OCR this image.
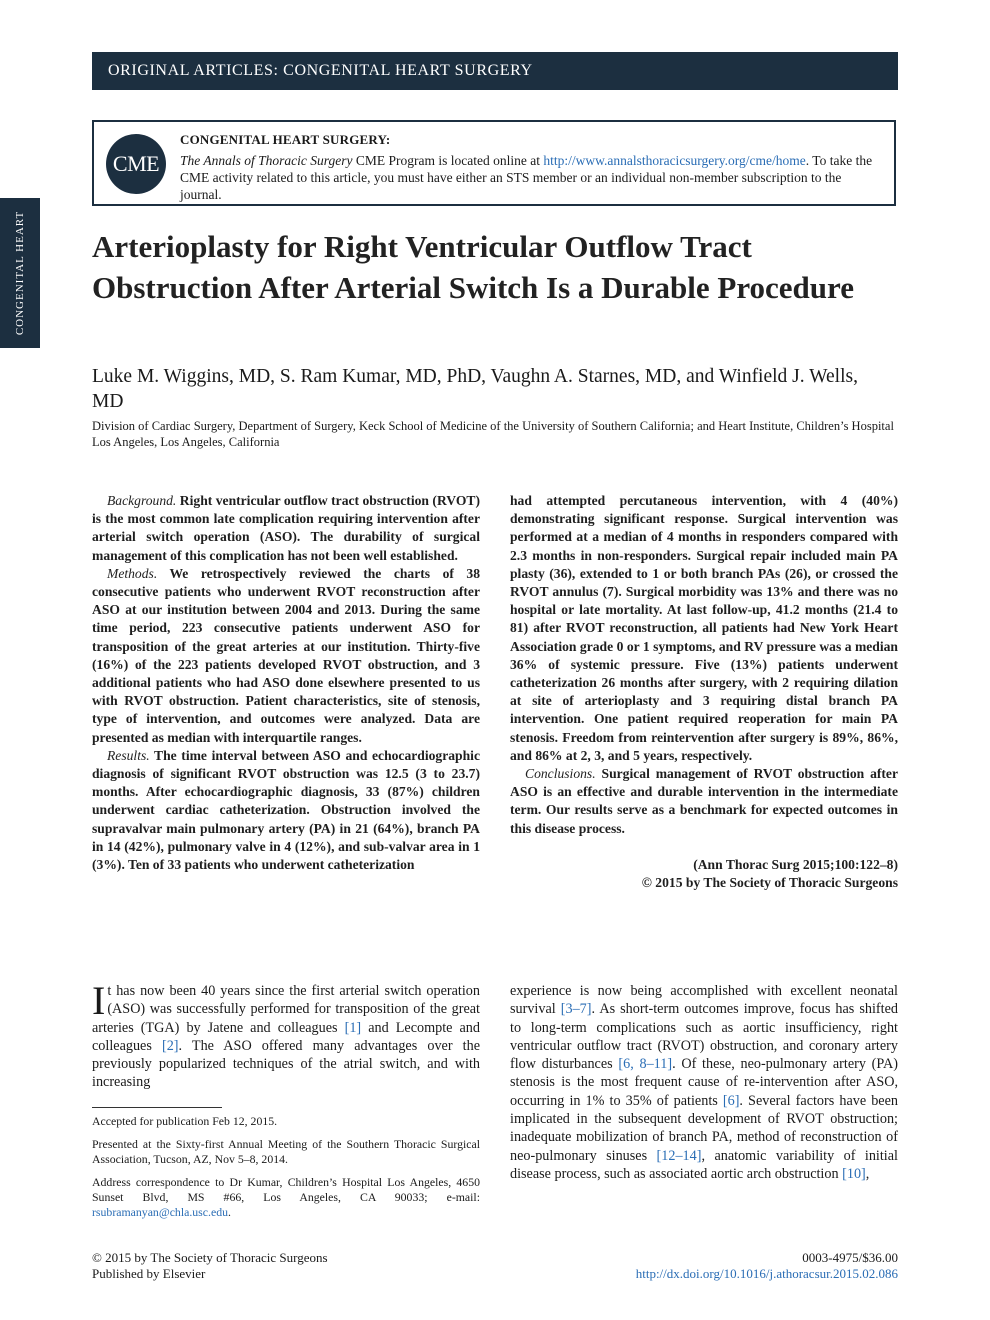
ORIGINAL ARTICLES: CONGENITAL HEART SURGERY
CONGENITAL HEART
CME
CONGENITAL HEART SURGERY:
The Annals of Thoracic Surgery CME Program is located online at http://www.annalsthoracicsurgery.org/cme/home. To take the CME activity related to this article, you must have either an STS member or an individual non-member subscription to the journal.
Arterioplasty for Right Ventricular Outflow Tract Obstruction After Arterial Switch Is a Durable Procedure
Luke M. Wiggins, MD, S. Ram Kumar, MD, PhD, Vaughn A. Starnes, MD, and Winfield J. Wells, MD
Division of Cardiac Surgery, Department of Surgery, Keck School of Medicine of the University of Southern California; and Heart Institute, Children’s Hospital Los Angeles, Los Angeles, California

Background. Right ventricular outflow tract obstruction (RVOT) is the most common late complication requiring intervention after arterial switch operation (ASO). The durability of surgical management of this complication has not been well established.

Methods. We retrospectively reviewed the charts of 38 consecutive patients who underwent RVOT reconstruction after ASO at our institution between 2004 and 2013. During the same time period, 223 consecutive patients underwent ASO for transposition of the great arteries at our institution. Thirty-five (16%) of the 223 patients developed RVOT obstruction, and 3 additional patients who had ASO done elsewhere presented to us with RVOT obstruction. Patient characteristics, site of stenosis, type of intervention, and outcomes were analyzed. Data are presented as median with interquartile ranges.

Results. The time interval between ASO and echocardiographic diagnosis of significant RVOT obstruction was 12.5 (3 to 23.7) months. After echocardiographic diagnosis, 33 (87%) children underwent cardiac catheterization. Obstruction involved the supravalvar main pulmonary artery (PA) in 21 (64%), branch PA in 14 (42%), pulmonary valve in 4 (12%), and sub-valvar area in 1 (3%). Ten of 33 patients who underwent catheterization

had attempted percutaneous intervention, with 4 (40%) demonstrating significant response. Surgical intervention was performed at a median of 4 months in responders compared with 2.3 months in non-responders. Surgical repair included main PA plasty (36), extended to 1 or both branch PAs (26), or crossed the RVOT annulus (7). Surgical morbidity was 13% and there was no hospital or late mortality. At last follow-up, 41.2 months (21.4 to 81) after RVOT reconstruction, all patients had New York Heart Association grade 0 or 1 symptoms, and RV pressure was a median 36% of systemic pressure. Five (13%) patients underwent catheterization 26 months after surgery, with 2 requiring dilation at site of arterioplasty and 3 requiring distal branch PA intervention. One patient required reoperation for main PA stenosis. Freedom from reintervention after surgery is 89%, 86%, and 86% at 2, 3, and 5 years, respectively.

Conclusions. Surgical management of RVOT obstruction after ASO is an effective and durable intervention in the intermediate term. Our results serve as a benchmark for expected outcomes in this disease process.

(Ann Thorac Surg 2015;100:122–8)

© 2015 by The Society of Thoracic Surgeons

It has now been 40 years since the first arterial switch operation (ASO) was successfully performed for transposition of the great arteries (TGA) by Jatene and colleagues [1] and Lecompte and colleagues [2]. The ASO offered many advantages over the previously popularized techniques of the atrial switch, and with increasing

experience is now being accomplished with excellent neonatal survival [3–7]. As short-term outcomes improve, focus has shifted to long-term complications such as aortic insufficiency, right ventricular outflow tract (RVOT) obstruction, and coronary artery flow disturbances [6, 8–11]. Of these, neo-pulmonary artery (PA) stenosis is the most frequent cause of re-intervention after ASO, occurring in 1% to 35% of patients [6]. Several factors have been implicated in the subsequent development of RVOT obstruction; inadequate mobilization of branch PA, method of reconstruction of neo-pulmonary sinuses [12–14], anatomic variability of initial disease process, such as associated aortic arch obstruction [10],

Accepted for publication Feb 12, 2015.

Presented at the Sixty-first Annual Meeting of the Southern Thoracic Surgical Association, Tucson, AZ, Nov 5–8, 2014.

Address correspondence to Dr Kumar, Children’s Hospital Los Angeles, 4650 Sunset Blvd, MS #66, Los Angeles, CA 90033; e-mail: rsubramanyan@chla.usc.edu.

© 2015 by The Society of Thoracic Surgeons
Published by Elsevier
0003-4975/$36.00
http://dx.doi.org/10.1016/j.athoracsur.2015.02.086
